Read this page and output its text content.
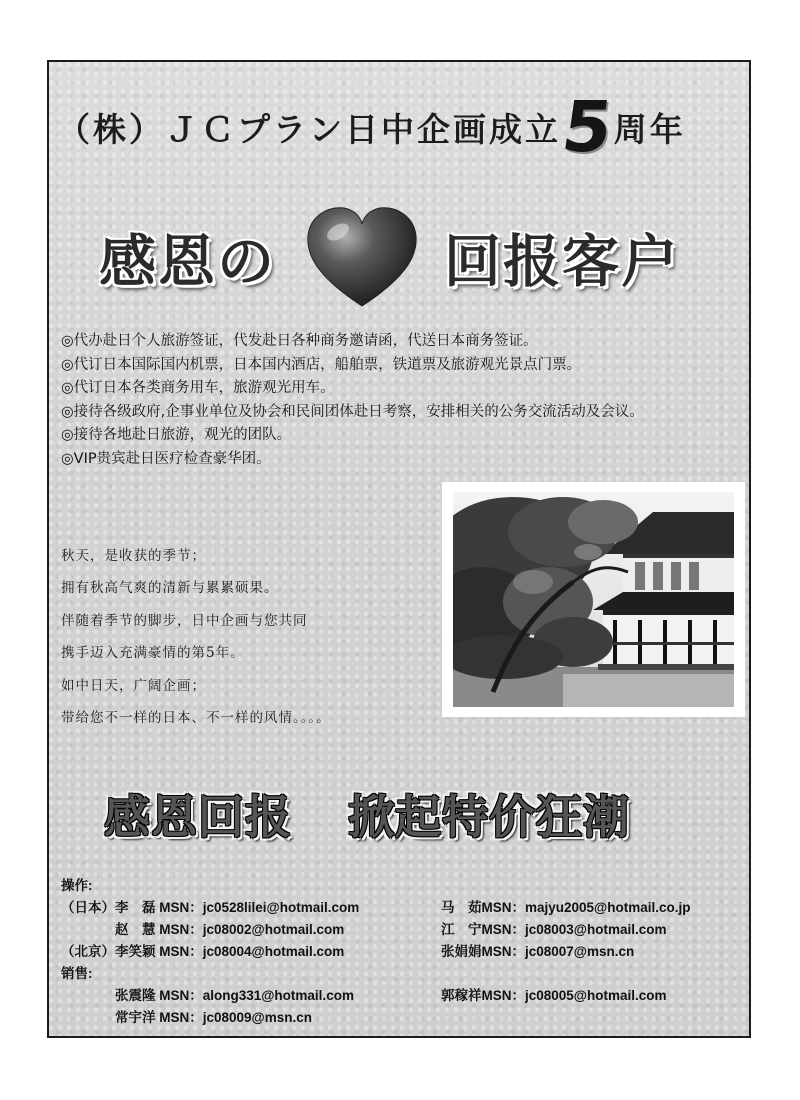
（株）ＪＣプラン日中企画成立
5
周年
感恩の	回报客户
◎代办赴日个人旅游签证，代发赴日各种商务邀请函，代送日本商务签证。
◎代订日本国际国内机票，日本国内酒店，船舶票，铁道票及旅游观光景点门票。
◎代订日本各类商务用车，旅游观光用车。
◎接待各级政府,企事业单位及协会和民间团体赴日考察，安排相关的公务交流活动及会议。
◎接待各地赴日旅游，观光的团队。
◎VIP贵宾赴日医疗检查豪华团。
秋天，是收获的季节；
拥有秋高气爽的清新与累累硕果。
伴随着季节的脚步，日中企画与您共同
携手迈入充满豪情的第5年。
如中日天，广阔企画；
带给您不一样的日本、不一样的风情。。。。
感恩回报 掀起特价狂潮
操作:
（日本）李　磊 MSN：jc0528lilei@hotmail.com	马　茹MSN：majyu2005@hotmail.co.jp
　　　　赵　慧 MSN：jc08002@hotmail.com	江　宁MSN：jc08003@hotmail.com
（北京）李笑颖 MSN：jc08004@hotmail.com	张娟娟MSN：jc08007@msn.cn
销售:
　　　　张震隆 MSN：along331@hotmail.com	郭稼祥MSN：jc08005@hotmail.com
　　　　常宇洋 MSN：jc08009@msn.cn
